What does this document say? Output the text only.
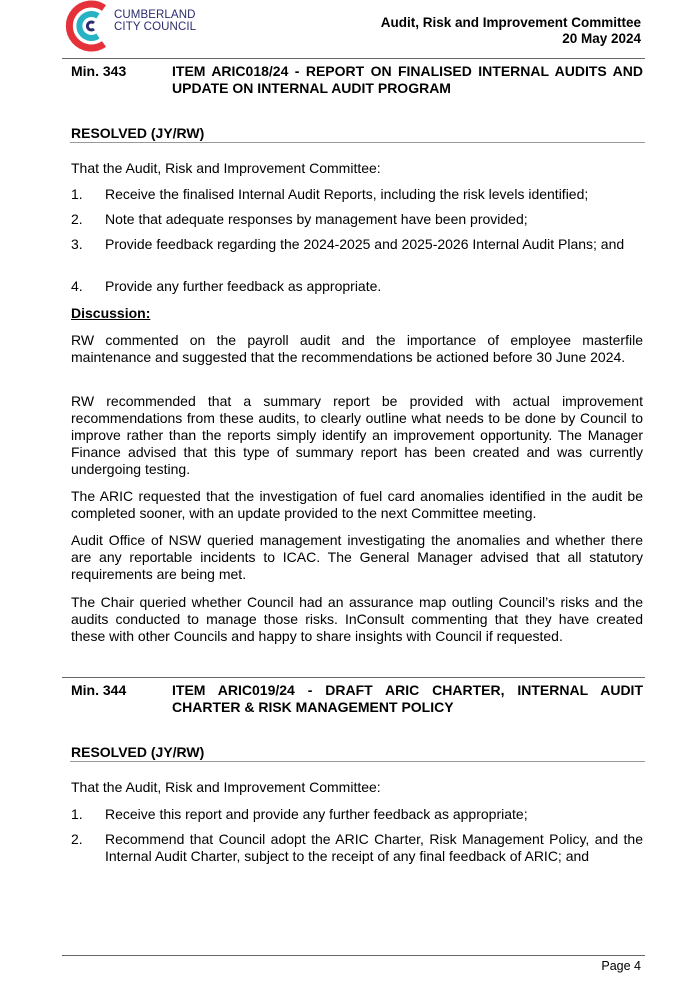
CUMBERLAND
CITY COUNCIL	Audit, Risk and Improvement Committee
20 May 2024
Min. 343	ITEM ARIC018/24 - REPORT ON FINALISED INTERNAL AUDITS AND UPDATE ON INTERNAL AUDIT PROGRAM
RESOLVED (JY/RW)
That the Audit, Risk and Improvement Committee:
1. Receive the finalised Internal Audit Reports, including the risk levels identified;
2. Note that adequate responses by management have been provided;
3. Provide feedback regarding the 2024-2025 and 2025-2026 Internal Audit Plans; and
4. Provide any further feedback as appropriate.
Discussion:
RW commented on the payroll audit and the importance of employee masterfile maintenance and suggested that the recommendations be actioned before 30 June 2024.
RW recommended that a summary report be provided with actual improvement recommendations from these audits, to clearly outline what needs to be done by Council to improve rather than the reports simply identify an improvement opportunity. The Manager Finance advised that this type of summary report has been created and was currently undergoing testing.
The ARIC requested that the investigation of fuel card anomalies identified in the audit be completed sooner, with an update provided to the next Committee meeting.
Audit Office of NSW queried management investigating the anomalies and whether there are any reportable incidents to ICAC. The General Manager advised that all statutory requirements are being met.
The Chair queried whether Council had an assurance map outling Council’s risks and the audits conducted to manage those risks. InConsult commenting that they have created these with other Councils and happy to share insights with Council if requested.
Min. 344	ITEM ARIC019/24 - DRAFT ARIC CHARTER, INTERNAL AUDIT CHARTER & RISK MANAGEMENT POLICY
RESOLVED (JY/RW)
That the Audit, Risk and Improvement Committee:
1. Receive this report and provide any further feedback as appropriate;
2. Recommend that Council adopt the ARIC Charter, Risk Management Policy, and the Internal Audit Charter, subject to the receipt of any final feedback of ARIC; and
Page 4
